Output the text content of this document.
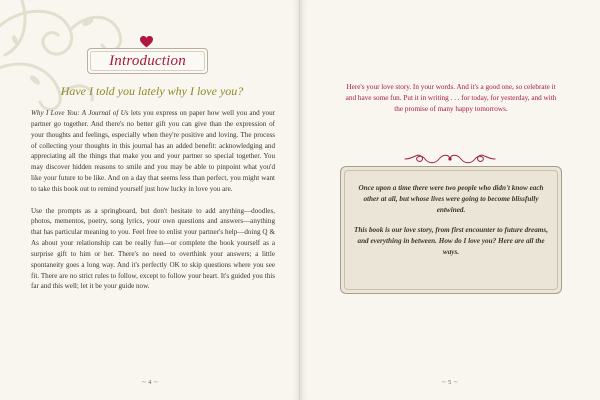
Introduction
Have I told you lately why I love you?

Why I Love You: A Journal of Us lets you express on paper how well you and your partner go together. And there's no better gift you can give than the expression of your thoughts and feelings, especially when they're positive and loving. The process of collecting your thoughts in this journal has an added benefit: acknowledging and appreciating all the things that make you and your partner so special together. You may discover hidden reasons to smile and you may be able to pinpoint what you'd like your future to be like. And on a day that seems less than perfect, you might want to take this book out to remind yourself just how lucky in love you are.

Use the prompts as a springboard, but don't hesitate to add anything—doodles, photos, mementos, poetry, song lyrics, your own questions and answers—anything that has particular meaning to you. Feel free to enlist your partner's help—doing Q & As about your relationship can be really fun—or complete the book yourself as a surprise gift to him or her. There's no need to overthink your answers; a little spontaneity goes a long way. And it's perfectly OK to skip questions where you see fit. There are no strict rules to follow, except to follow your heart. It's guided you this far and this well; let it be your guide now.

~ 4 ~
Here's your love story. In your words. And it's a good one, so celebrate it and have some fun. Put it in writing . . . for today, for yesterday, and with the promise of many happy tomorrows.

Once upon a time there were two people who didn't know each other at all, but whose lives were going to become blissfully entwined.

This book is our love story, from first encounter to future dreams, and everything in between. How do I love you? Here are all the ways.

~ 5 ~
